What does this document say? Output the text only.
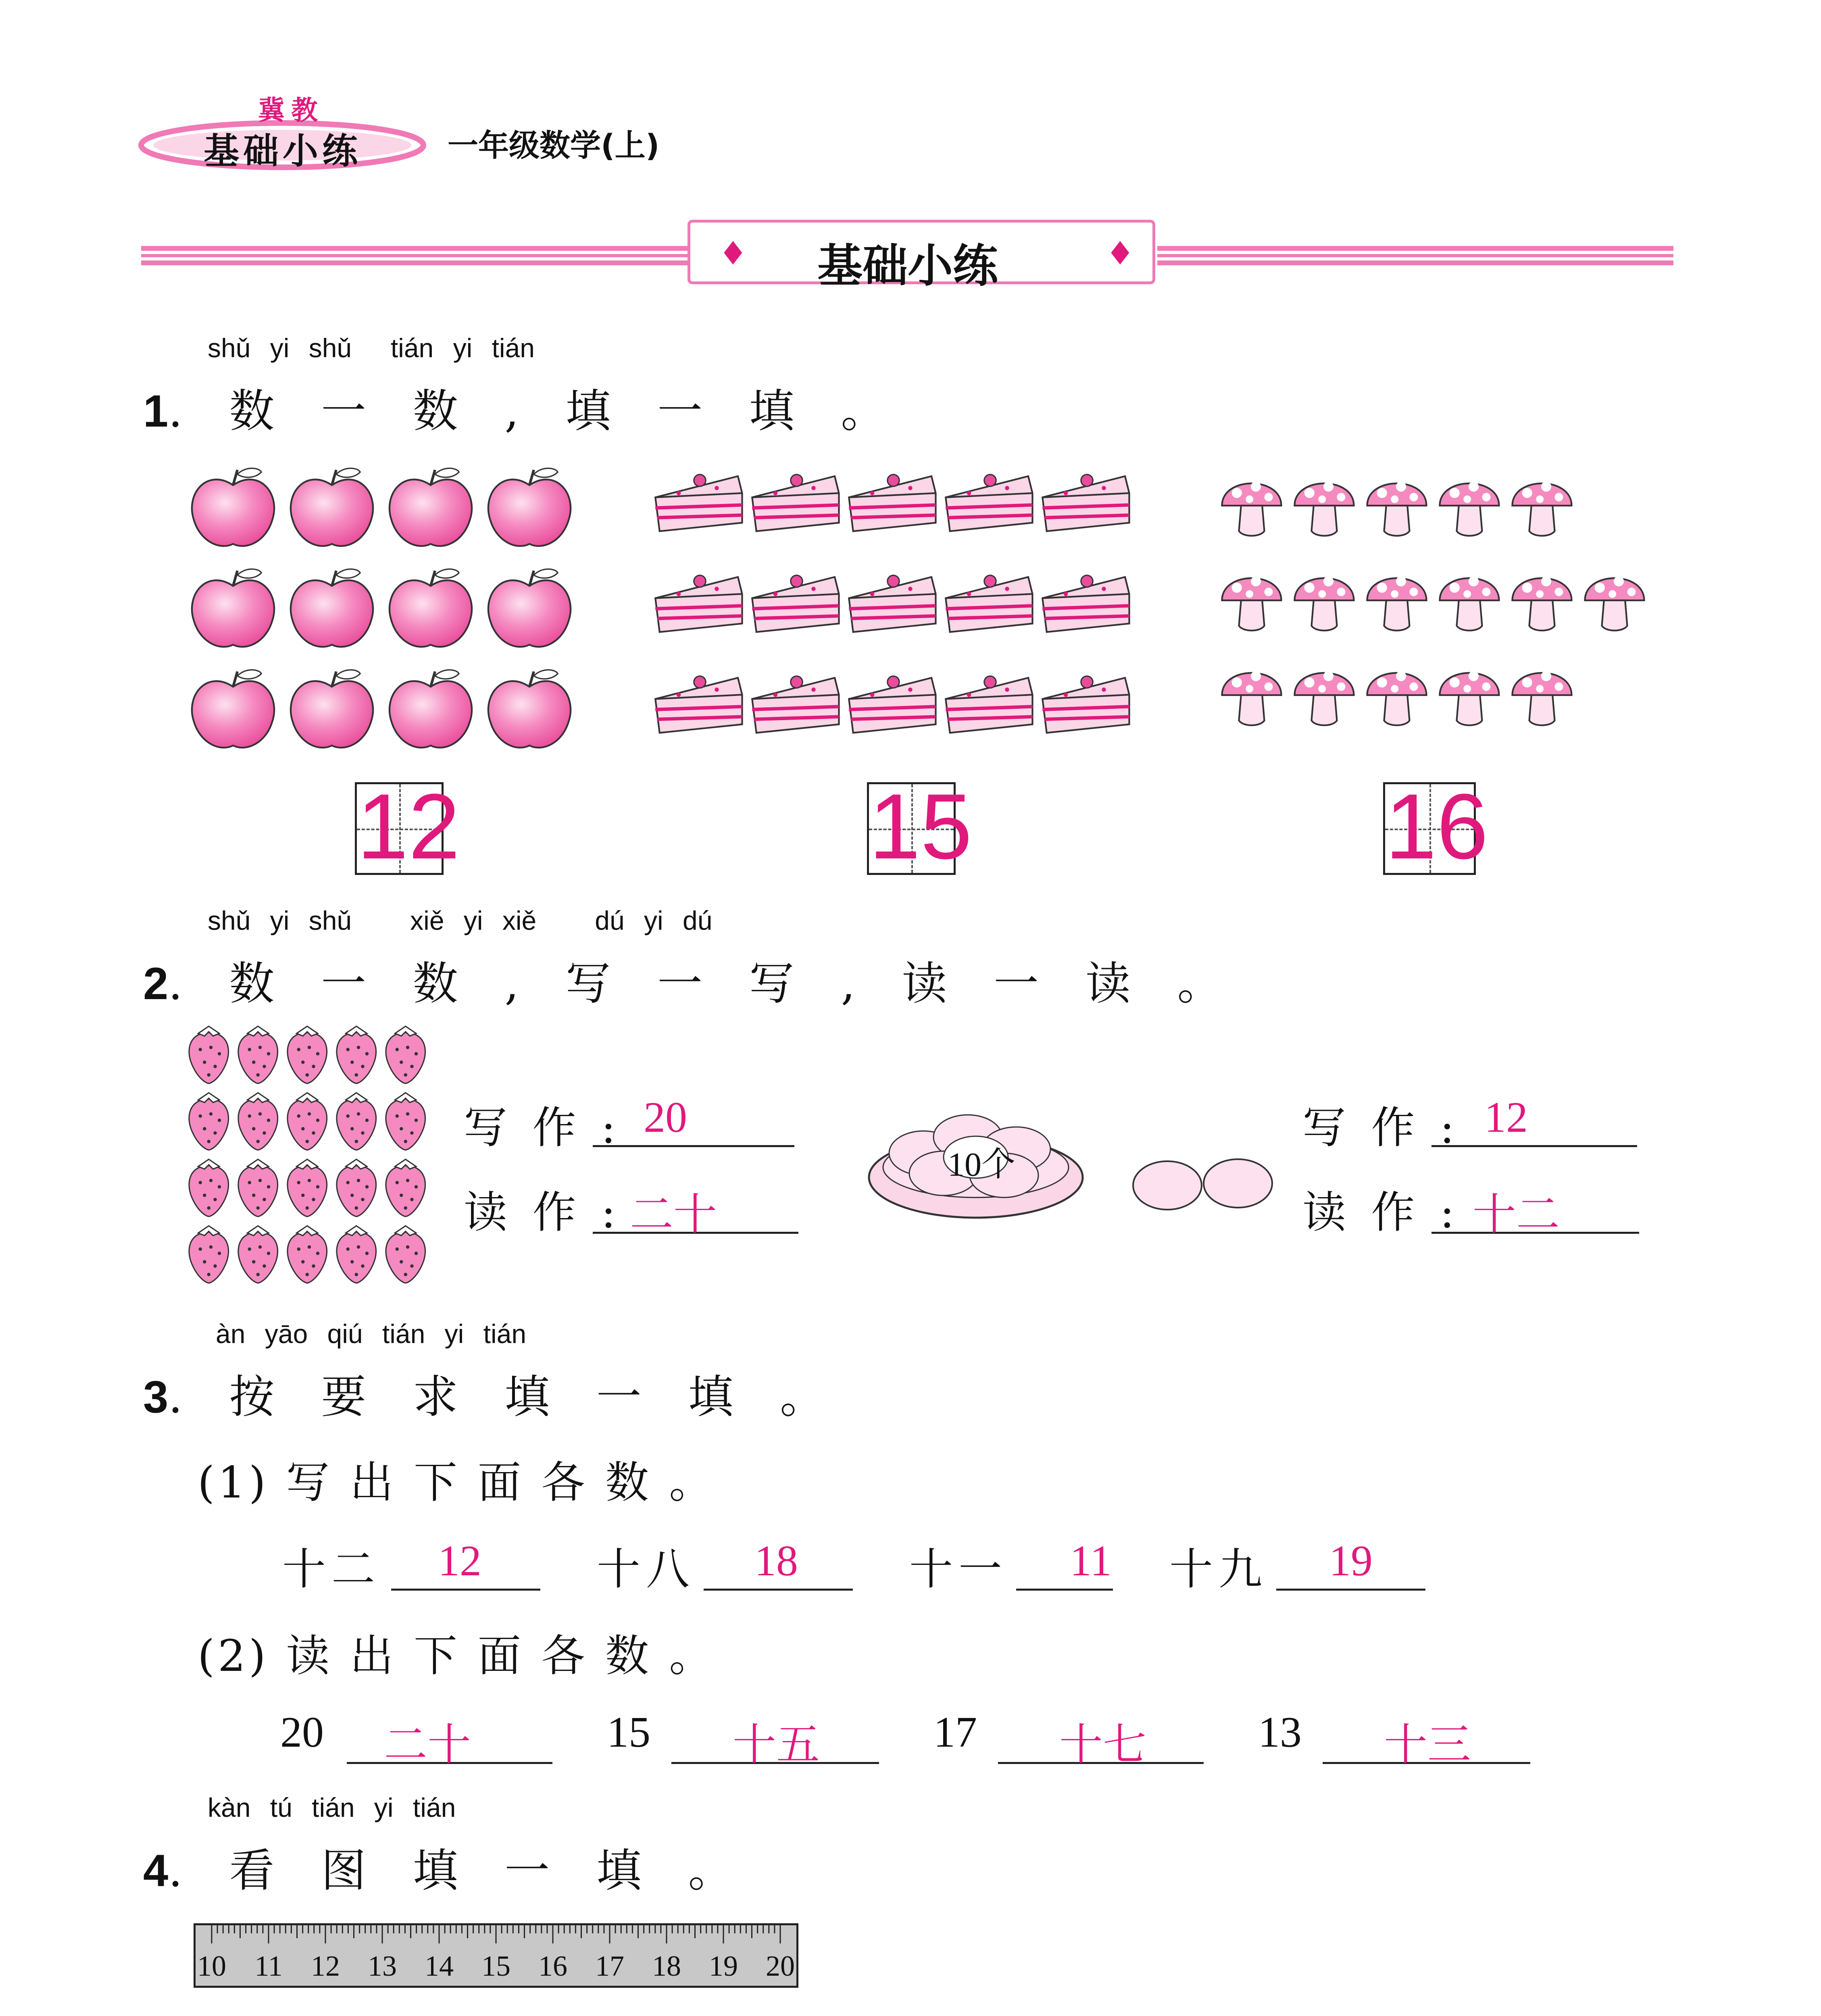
冀教
基础小练	一年级数学(上)
♦ 基础小练	♦
shǔ yi shǔ  tián yi tián
1. 数 一 数 , 填 一 填 。
12	15	16
shǔ yi shǔ   xiě yi xiě   dú yi dú
2. 数 一 数 , 写 一 写 , 读 一 读 。
写 作 : 20
读 作 : 二十
10个
写 作 : 12
读 作 : 十二
àn yāo qiú tián yi tián
3. 按 要 求 填 一 填 。
(1) 写 出 下 面 各 数 。
十二	12	十八	18	十一	11	十九	19
(2) 读 出 下 面 各 数 。
20	二十	15	十五	17	十七	13	十三
kàn tú tián yi tián
4. 看 图 填 一 填 。
10 11 12 13 14 15 16 17 18 19 20
